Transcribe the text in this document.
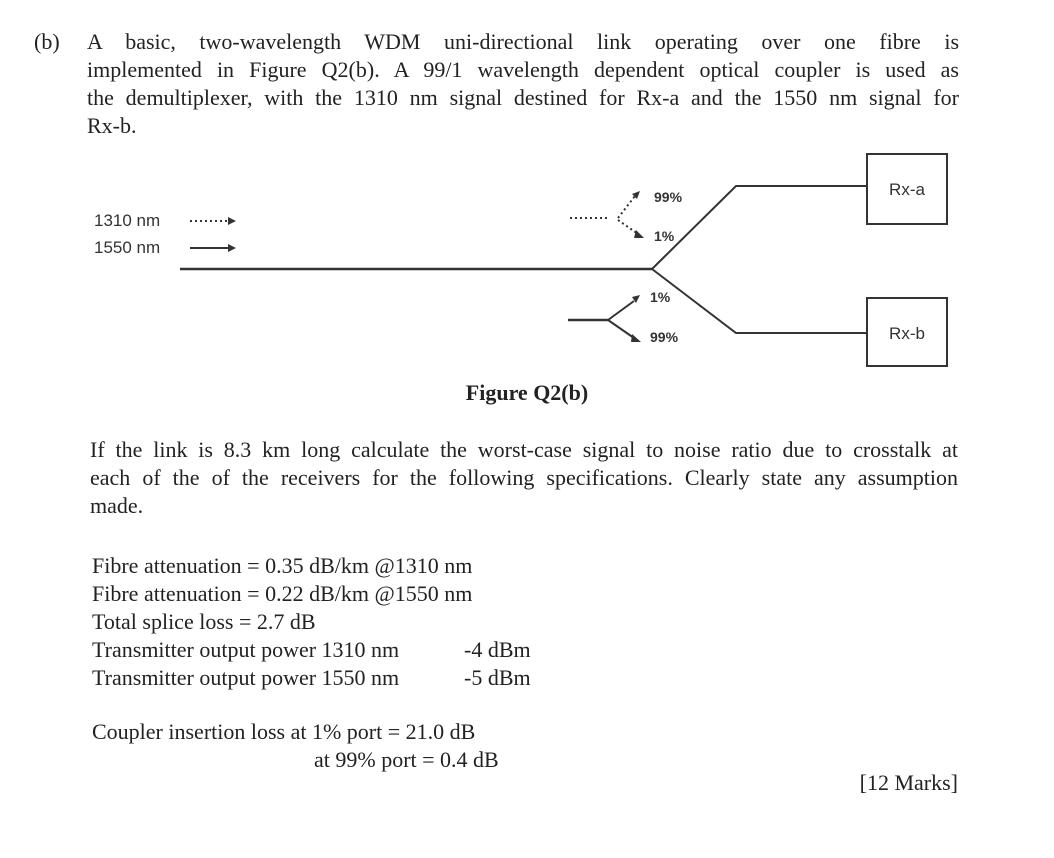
(b) A basic, two-wavelength WDM uni-directional link operating over one fibre is
implemented in Figure Q2(b). A 99/1 wavelength dependent optical coupler is used as
the demultiplexer, with the 1310 nm signal destined for Rx-a and the 1550 nm signal for
Rx-b.
1310 nm
1550 nm
Rx-a
Rx-b
99%
1%
1%
99%
Figure Q2(b)
If the link is 8.3 km long calculate the worst-case signal to noise ratio due to crosstalk at
each of the of the receivers for the following specifications. Clearly state any assumption
made.
Fibre attenuation = 0.35 dB/km @1310 nm
Fibre attenuation = 0.22 dB/km @1550 nm
Total splice loss = 2.7 dB
Transmitter output power 1310 nm	-4 dBm
Transmitter output power 1550 nm	-5 dBm
Coupler insertion loss at 1% port = 21.0 dB
at 99% port = 0.4 dB
[12 Marks]
